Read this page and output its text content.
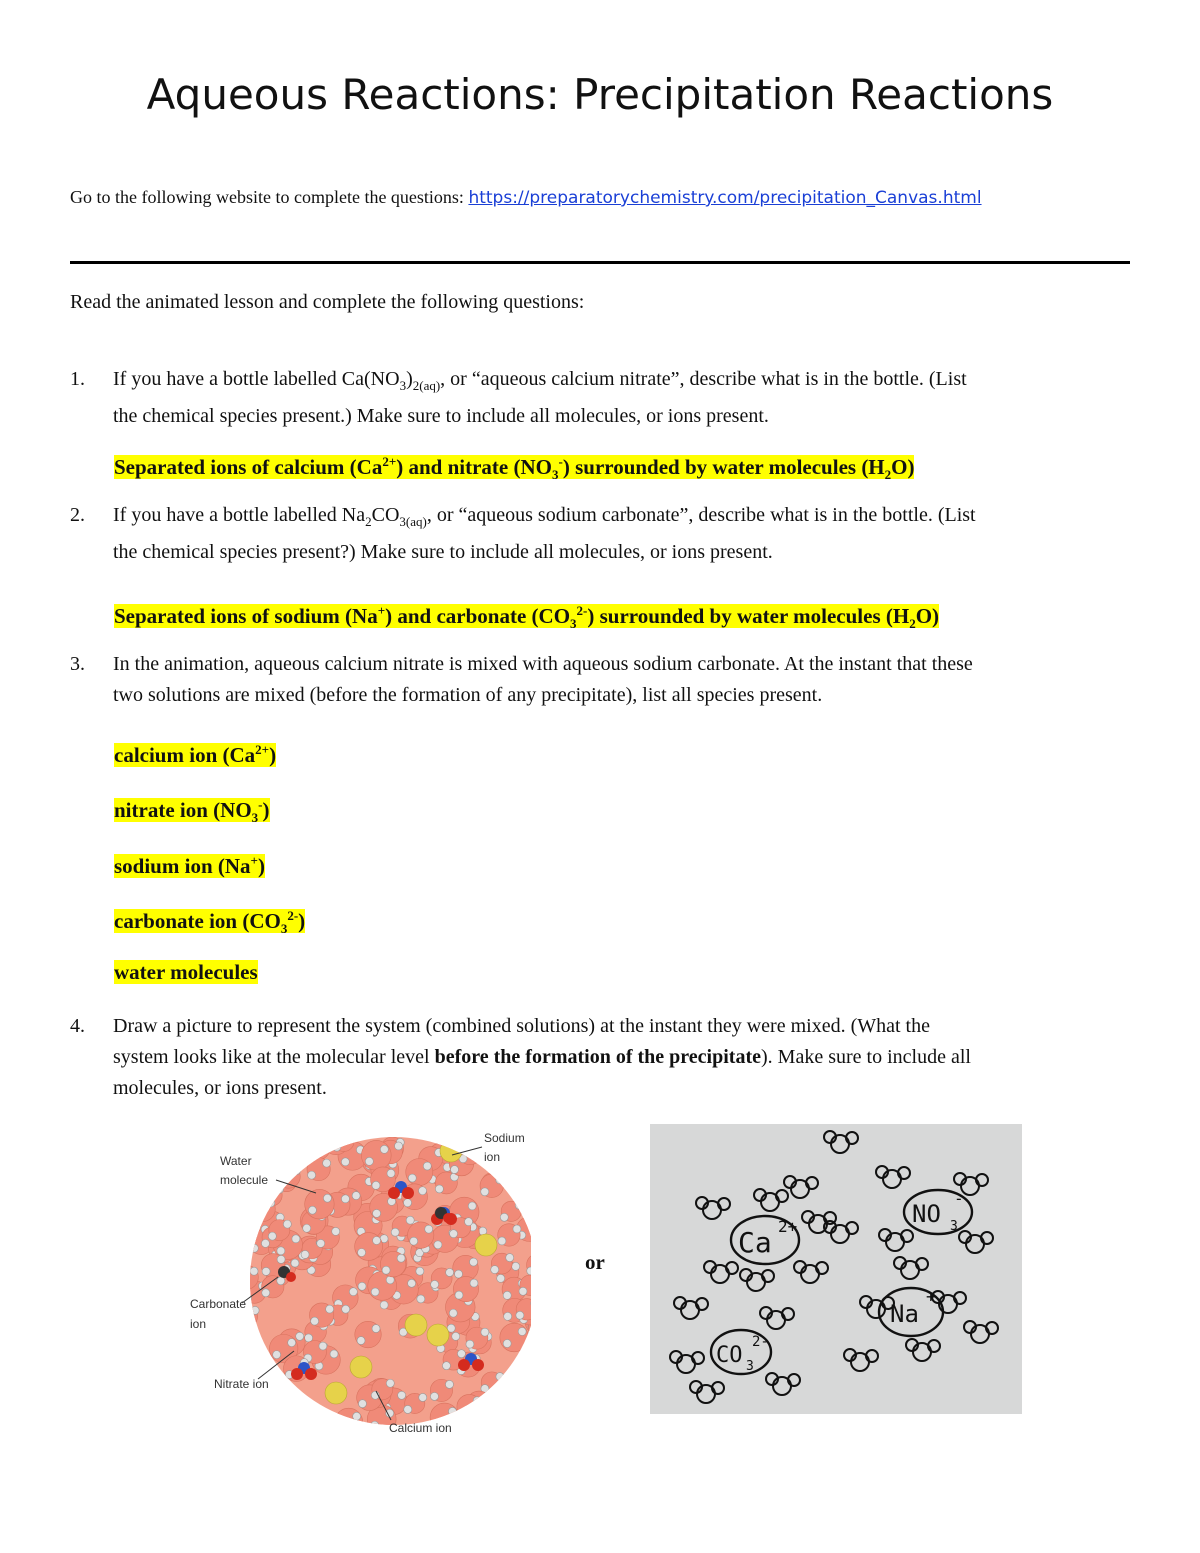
Aqueous Reactions: Precipitation Reactions
Go to the following website to complete the questions: https://preparatorychemistry.com/precipitation_Canvas.html
Read the animated lesson and complete the following questions:
1. If you have a bottle labelled $Ca(NO_3)_{2(aq)}$, or “aqueous calcium nitrate”, describe what is in the bottle. (List
the chemical species present.) Make sure to include all molecules, or ions present.
Separated ions of calcium $(Ca^{2+})$ and nitrate $(NO_3^-)$ surrounded by water molecules $(H_2O)$
2. If you have a bottle labelled $Na_2CO_{3(aq)}$, or “aqueous sodium carbonate”, describe what is in the bottle. (List
the chemical species present?) Make sure to include all molecules, or ions present.
Separated ions of sodium (Na+) and carbonate $(CO_3^{2-})$ surrounded by water molecules $(H_2O)$
3. In the animation, aqueous calcium nitrate is mixed with aqueous sodium carbonate. At the instant that these
two solutions are mixed (before the formation of any precipitate), list all species present.
calcium ion $(Ca^{2+})$
nitrate ion $(NO_3^-)$
sodium ion (Na+)
carbonate ion $(CO_3^{2-})$
water molecules
4. Draw a picture to represent the system (combined solutions) at the instant they were mixed. (What the
system looks like at the molecular level before the formation of the precipitate). Make sure to include all
molecules, or ions present.
Water
molecule
Sodium
ion
Carbonate
ion
Nitrate ion
Calcium ion
or
Ca 2+	NO 3
-
Na
+
CO 3
2-
